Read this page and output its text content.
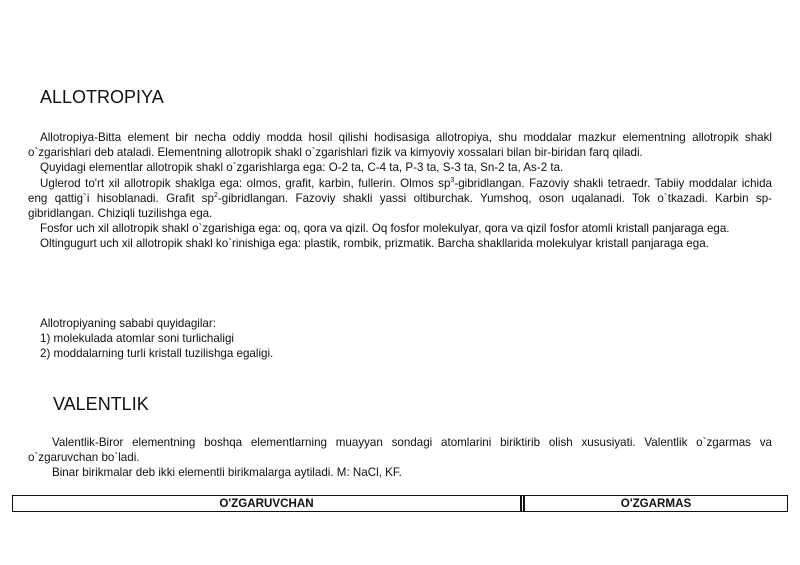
ALLOTROPIYA

Allotropiya-Bitta element bir necha oddiy modda hosil qilishi hodisasiga allotropiya, shu moddalar mazkur elementning allotropik shakl o`zgarishlari deb ataladi. Elementning allotropik shakl o`zgarishlari fizik va kimyoviy xossalari bilan bir-biridan farq qiladi.

Quyidagi elementlar allotropik shakl o`zgarishlarga ega: O-2 ta, C-4 ta, P-3 ta, S-3 ta, Sn-2 ta, As-2 ta.

Uglerod to'rt xil allotropik shaklga ega: olmos, grafit, karbin, fullerin. Olmos $sp^3$-gibridlangan. Fazoviy shakli tetraedr. Tabiiy moddalar ichida eng qattig`i hisoblanadi. Grafit $sp^2$-gibridlangan. Fazoviy shakli yassi oltiburchak. Yumshoq, oson uqalanadi. Tok o`tkazadi. Karbin sp-gibridlangan. Chiziqli tuzilishga ega.

Fosfor uch xil allotropik shakl o`zgarishiga ega: oq, qora va qizil. Oq fosfor molekulyar, qora va qizil fosfor atomli kristall panjaraga ega.

Oltingugurt uch xil allotropik shakl ko`rinishiga ega: plastik, rombik, prizmatik. Barcha shakllarida molekulyar kristall panjaraga ega.

Allotropiyaning sababi quyidagilar:

1) molekulada atomlar soni turlichaligi

2) moddalarning turli kristall tuzilishga egaligi.

VALENTLIK

Valentlik-Biror elementning boshqa elementlarning muayyan sondagi atomlarini biriktirib olish xususiyati. Valentlik o`zgarmas va o`zgaruvchan bo`ladi.

Binar birikmalar deb ikki elementli birikmalarga aytiladi. M: NaCl, KF.

O'ZGARUVCHAN	O'ZGARMAS
